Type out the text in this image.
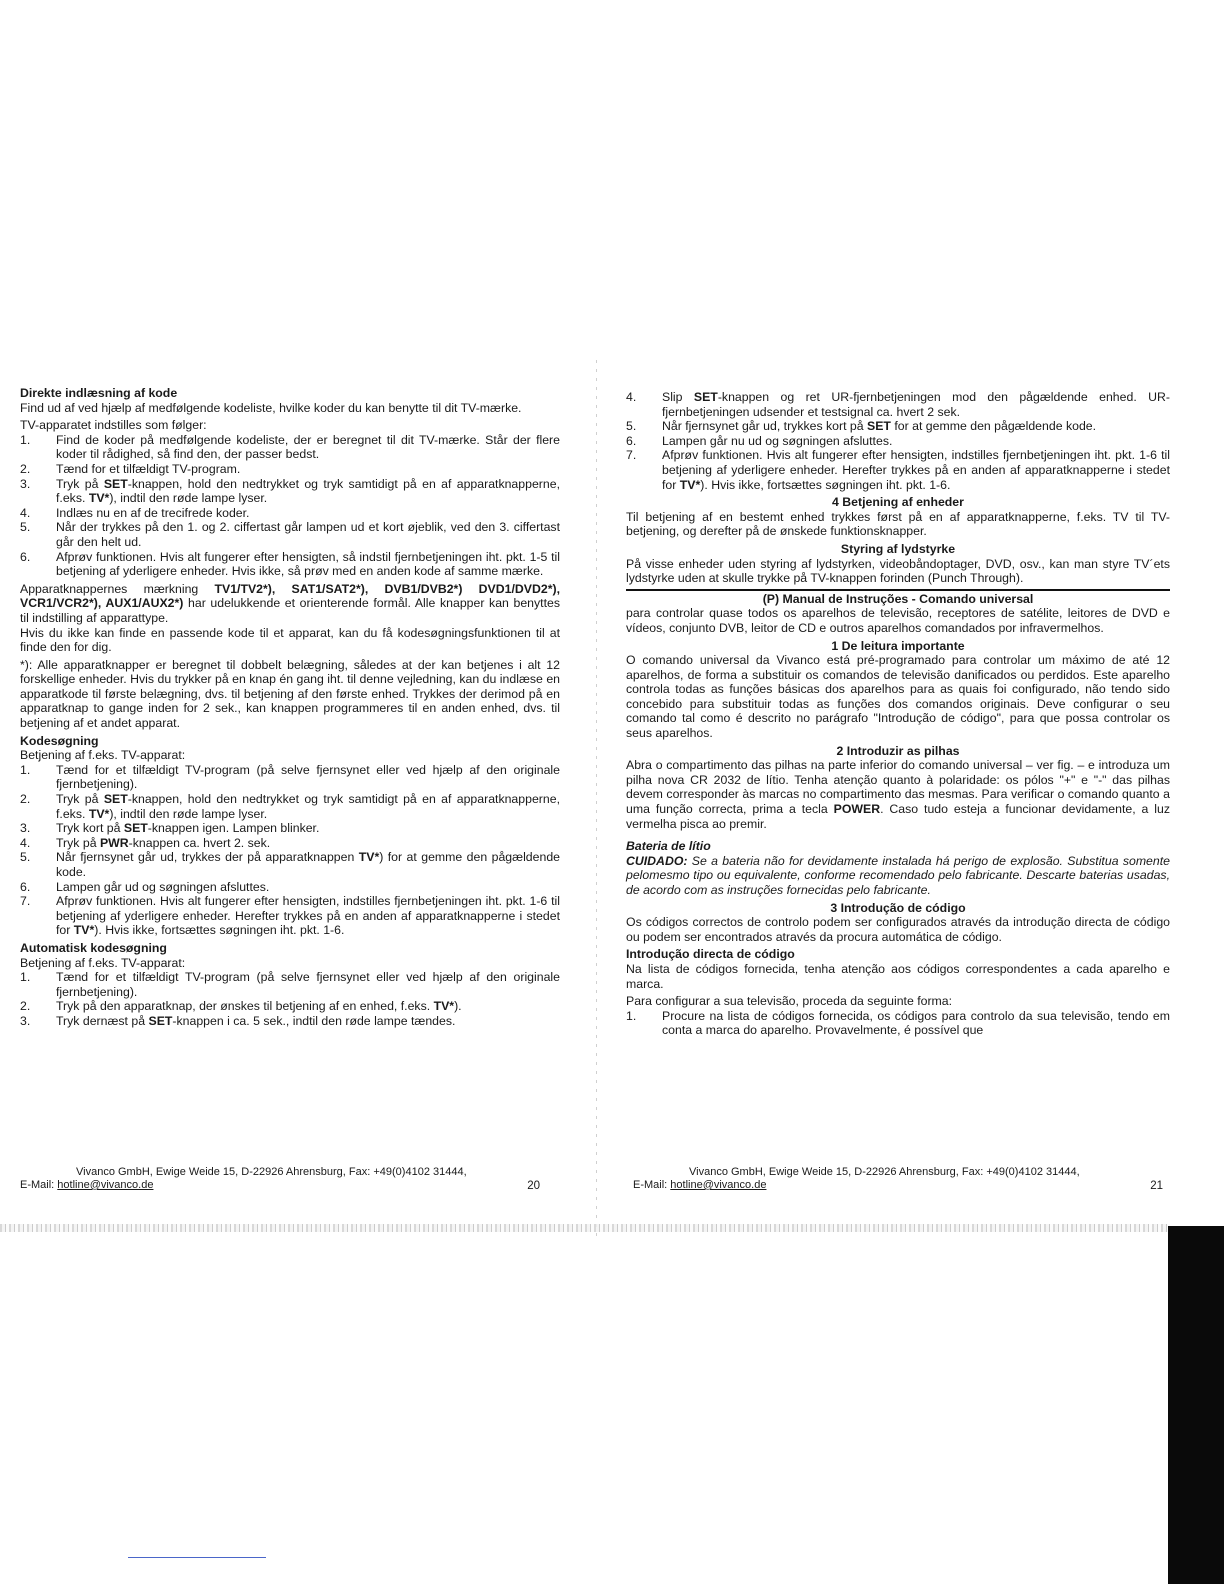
Direkte indlæsning af kode

Find ud af ved hjælp af medfølgende kodeliste, hvilke koder du kan benytte til dit TV-mærke.

TV-apparatet indstilles som følger:

1. Find de koder på medfølgende kodeliste, der er beregnet til dit TV-mærke. Står der flere koder til rådighed, så find den, der passer bedst.
2. Tænd for et tilfældigt TV-program.
3. Tryk på SET-knappen, hold den nedtrykket og tryk samtidigt på en af apparatknapperne, f.eks. TV*), indtil den røde lampe lyser.
4. Indlæs nu en af de trecifrede koder.
5. Når der trykkes på den 1. og 2. ciffertast går lampen ud et kort øjeblik, ved den 3. ciffertast går den helt ud.
6. Afprøv funktionen. Hvis alt fungerer efter hensigten, så indstil fjernbetjeningen iht. pkt. 1-5 til betjening af yderligere enheder. Hvis ikke, så prøv med en anden kode af samme mærke.

Apparatknappernes mærkning TV1/TV2*), SAT1/SAT2*), DVB1/DVB2*) DVD1/DVD2*), VCR1/VCR2*), AUX1/AUX2*) har udelukkende et orienterende formål. Alle knapper kan benyttes til indstilling af apparattype.

Hvis du ikke kan finde en passende kode til et apparat, kan du få kodesøgningsfunktionen til at finde den for dig.

*): Alle apparatknapper er beregnet til dobbelt belægning, således at der kan betjenes i alt 12 forskellige enheder. Hvis du trykker på en knap én gang iht. til denne vejledning, kan du indlæse en apparatkode til første belægning, dvs. til betjening af den første enhed. Trykkes der derimod på en apparatknap to gange inden for 2 sek., kan knappen programmeres til en anden enhed, dvs. til betjening af et andet apparat.

Kodesøgning

Betjening af f.eks. TV-apparat:

1. Tænd for et tilfældigt TV-program (på selve fjernsynet eller ved hjælp af den originale fjernbetjening).
2. Tryk på SET-knappen, hold den nedtrykket og tryk samtidigt på en af apparatknapperne, f.eks. TV*), indtil den røde lampe lyser.
3. Tryk kort på SET-knappen igen. Lampen blinker.
4. Tryk på PWR-knappen ca. hvert 2. sek.
5. Når fjernsynet går ud, trykkes der på apparatknappen TV*) for at gemme den pågældende kode.
6. Lampen går ud og søgningen afsluttes.
7. Afprøv funktionen. Hvis alt fungerer efter hensigten, indstilles fjernbetjeningen iht. pkt. 1-6 til betjening af yderligere enheder. Herefter trykkes på en anden af apparatknapperne i stedet for TV*). Hvis ikke, fortsættes søgningen iht. pkt. 1-6.
Automatisk kodesøgning

Betjening af f.eks. TV-apparat:

1. Tænd for et tilfældigt TV-program (på selve fjernsynet eller ved hjælp af den originale fjernbetjening).
2. Tryk på den apparatknap, der ønskes til betjening af en enhed, f.eks. TV*).
3. Tryk dernæst på SET-knappen i ca. 5 sek., indtil den røde lampe tændes.
4. Slip SET-knappen og ret UR-fjernbetjeningen mod den pågældende enhed. UR-fjernbetjeningen udsender et testsignal ca. hvert 2 sek.
5. Når fjernsynet går ud, trykkes kort på SET for at gemme den pågældende kode.
6. Lampen går nu ud og søgningen afsluttes.
7. Afprøv funktionen. Hvis alt fungerer efter hensigten, indstilles fjernbetjeningen iht. pkt. 1-6 til betjening af yderligere enheder. Herefter trykkes på en anden af apparatknapperne i stedet for TV*). Hvis ikke, fortsættes søgningen iht. pkt. 1-6.
4 Betjening af enheder

Til betjening af en bestemt enhed trykkes først på en af apparatknapperne, f.eks. TV til TV-betjening, og derefter på de ønskede funktionsknapper.

Styring af lydstyrke

På visse enheder uden styring af lydstyrken, videobåndoptager, DVD, osv., kan man styre TV´ets lydstyrke uden at skulle trykke på TV-knappen forinden (Punch Through).

(P) Manual de Instruções - Comando universal

para controlar quase todos os aparelhos de televisão, receptores de satélite, leitores de DVD e vídeos, conjunto DVB, leitor de CD e outros aparelhos comandados por infravermelhos.

1 De leitura importante

O comando universal da Vivanco está pré-programado para controlar um máximo de até 12 aparelhos, de forma a substituir os comandos de televisão danificados ou perdidos. Este aparelho controla todas as funções básicas dos aparelhos para as quais foi configurado, não tendo sido concebido para substituir todas as funções dos comandos originais. Deve configurar o seu comando tal como é descrito no parágrafo "Introdução de código", para que possa controlar os seus aparelhos.

2 Introduzir as pilhas

Abra o compartimento das pilhas na parte inferior do comando universal – ver fig. – e introduza um pilha nova CR 2032 de lítio. Tenha atenção quanto à polaridade: os pólos "+" e "-" das pilhas devem corresponder às marcas no compartimento das mesmas. Para verificar o comando quanto a uma função correcta, prima a tecla POWER. Caso tudo esteja a funcionar devidamente, a luz vermelha pisca ao premir.

Bateria de lítio

CUIDADO: Se a bateria não for devidamente instalada há perigo de explosão. Substitua somente pelomesmo tipo ou equivalente, conforme recomendado pelo fabricante. Descarte baterias usadas, de acordo com as instruções fornecidas pelo fabricante.

3 Introdução de código

Os códigos correctos de controlo podem ser configurados através da introdução directa de código ou podem ser encontrados através da procura automática de código.

Introdução directa de código

Na lista de códigos fornecida, tenha atenção aos códigos correspondentes a cada aparelho e marca.

Para configurar a sua televisão, proceda da seguinte forma:

1. Procure na lista de códigos fornecida, os códigos para controlo da sua televisão, tendo em conta a marca do aparelho. Provavelmente, é possível que
Vivanco GmbH, Ewige Weide 15, D-22926 Ahrensburg, Fax: +49(0)4102 31444,
E-Mail: hotline@vivanco.de	20
Vivanco GmbH, Ewige Weide 15, D-22926 Ahrensburg, Fax: +49(0)4102 31444,
E-Mail: hotline@vivanco.de	21
